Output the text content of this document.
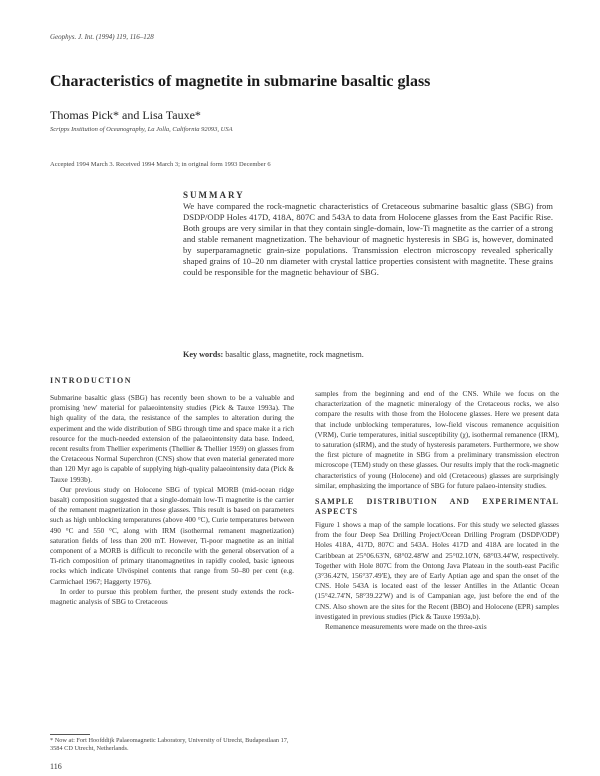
Geophys. J. Int. (1994) 119, 116–128
Characteristics of magnetite in submarine basaltic glass
Thomas Pick* and Lisa Tauxe*
Scripps Institution of Oceanography, La Jolla, California 92093, USA
Accepted 1994 March 3. Received 1994 March 3; in original form 1993 December 6
SUMMARY
We have compared the rock-magnetic characteristics of Cretaceous submarine basaltic glass (SBG) from DSDP/ODP Holes 417D, 418A, 807C and 543A to data from Holocene glasses from the East Pacific Rise. Both groups are very similar in that they contain single-domain, low-Ti magnetite as the carrier of a strong and stable remanent magnetization. The behaviour of magnetic hysteresis in SBG is, however, dominated by superparamagnetic grain-size populations. Transmission electron microscopy revealed spherically shaped grains of 10–20 nm diameter with crystal lattice properties consistent with magnetite. These grains could be responsible for the magnetic behaviour of SBG.
Key words: basaltic glass, magnetite, rock magnetism.
INTRODUCTION

Submarine basaltic glass (SBG) has recently been shown to be a valuable and promising 'new' material for palaeointensity studies (Pick & Tauxe 1993a). The high quality of the data, the resistance of the samples to alteration during the experiment and the wide distribution of SBG through time and space make it a rich resource for the much-needed extension of the palaeointensity data base. Indeed, recent results from Thellier experiments (Thellier & Thellier 1959) on glasses from the Cretaceous Normal Superchron (CNS) show that even material generated more than 120 Myr ago is capable of supplying high-quality palaeointensity data (Pick & Tauxe 1993b).

Our previous study on Holocene SBG of typical MORB (mid-ocean ridge basalt) composition suggested that a single-domain low-Ti magnetite is the carrier of the remanent magnetization in those glasses. This result is based on parameters such as high unblocking temperatures (above 400 °C), Curie temperatures between 490 °C and 550 °C, along with IRM (isothermal remanent magnetization) saturation fields of less than 200 mT. However, Ti-poor magnetite as an initial component of a MORB is difficult to reconcile with the general observation of a Ti-rich composition of primary titanomagnetites in rapidly cooled, basic igneous rocks which indicate Ulvöspinel contents that range from 50–80 per cent (e.g. Carmichael 1967; Haggerty 1976).

In order to pursue this problem further, the present study extends the rock-magnetic analysis of SBG to Cretaceous

samples from the beginning and end of the CNS. While we focus on the characterization of the magnetic mineralogy of the Cretaceous rocks, we also compare the results with those from the Holocene glasses. Here we present data that include unblocking temperatures, low-field viscous remanence acquisition (VRM), Curie temperatures, initial susceptibility (χ), isothermal remanence (IRM), to saturation (sIRM), and the study of hysteresis parameters. Furthermore, we show the first picture of magnetite in SBG from a preliminary transmission electron microscope (TEM) study on these glasses. Our results imply that the rock-magnetic characteristics of young (Holocene) and old (Cretaceous) glasses are surprisingly similar, emphasizing the importance of SBG for future palaeo-intensity studies.

SAMPLE DISTRIBUTION AND EXPERIMENTAL ASPECTS

Figure 1 shows a map of the sample locations. For this study we selected glasses from the four Deep Sea Drilling Project/Ocean Drilling Program (DSDP/ODP) Holes 418A, 417D, 807C and 543A. Holes 417D and 418A are located in the Caribbean at 25°06.63'N, 68°02.48'W and 25°02.10'N, 68°03.44'W, respectively. Together with Hole 807C from the Ontong Java Plateau in the south-east Pacific (3°36.42'N, 156°37.49'E), they are of Early Aptian age and span the onset of the CNS. Hole 543A is located east of the lesser Antilles in the Atlantic Ocean (15°42.74'N, 58°39.22'W) and is of Campanian age, just before the end of the CNS. Also shown are the sites for the Recent (BBO) and Holocene (EPR) samples investigated in previous studies (Pick & Tauxe 1993a,b).

Remanence measurements were made on the three-axis

* Now at: Fort Hoofddijk Palaeomagnetic Laboratory, University of Utrecht, Budapestlaan 17, 3584 CD Utrecht, Netherlands.
116
